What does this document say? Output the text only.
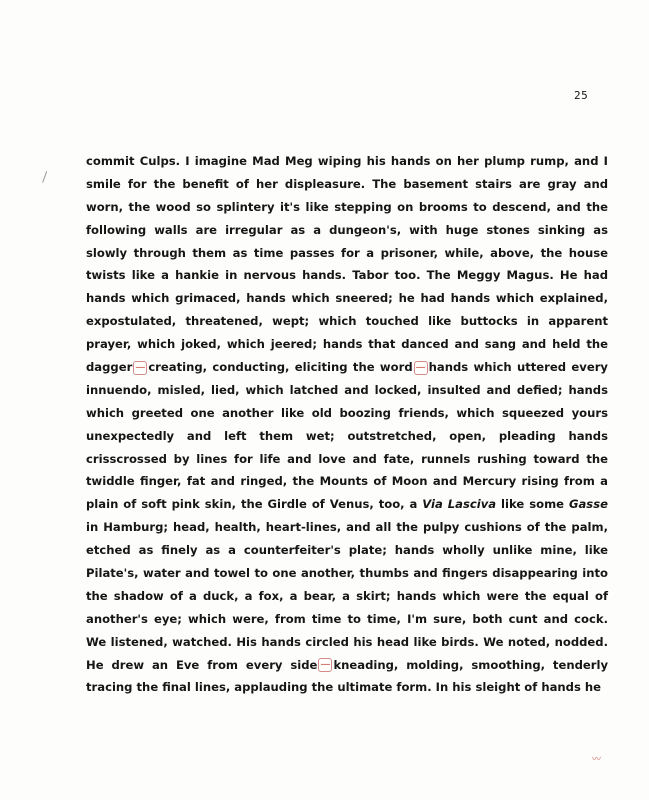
25
commit Culps. I imagine Mad Meg wiping his hands on her plump rump, and I
smile for the benefit of her displeasure. The basement stairs are gray and
worn, the wood so splintery it's like stepping on brooms to descend, and the
following walls are irregular as a dungeon's, with huge stones sinking as
slowly through them as time passes for a prisoner, while, above, the house
twists like a hankie in nervous hands. Tabor too. The Meggy Magus. He had
hands which grimaced, hands which sneered; he had hands which explained,
expostulated, threatened, wept; which touched like buttocks in apparent
prayer, which joked, which jeered; hands that danced and sang and held the
dagger — creating, conducting, eliciting the word — hands which uttered every
innuendo, misled, lied, which latched and locked, insulted and defied; hands
which greeted one another like old boozing friends, which squeezed yours
unexpectedly and left them wet; outstretched, open, pleading hands
crisscrossed by lines for life and love and fate, runnels rushing toward the
twiddle finger, fat and ringed, the Mounts of Moon and Mercury rising from a
plain of soft pink skin, the Girdle of Venus, too, a Via Lasciva like some Gasse
in Hamburg; head, health, heart-lines, and all the pulpy cushions of the palm,
etched as finely as a counterfeiter's plate; hands wholly unlike mine, like
Pilate's, water and towel to one another, thumbs and fingers disappearing into
the shadow of a duck, a fox, a bear, a skirt; hands which were the equal of
another's eye; which were, from time to time, I'm sure, both cunt and cock.
We listened, watched. His hands circled his head like birds. We noted, nodded.
He drew an Eve from every side — kneading, molding, smoothing, tenderly
tracing the final lines, applauding the ultimate form. In his sleight of hands he
〰
